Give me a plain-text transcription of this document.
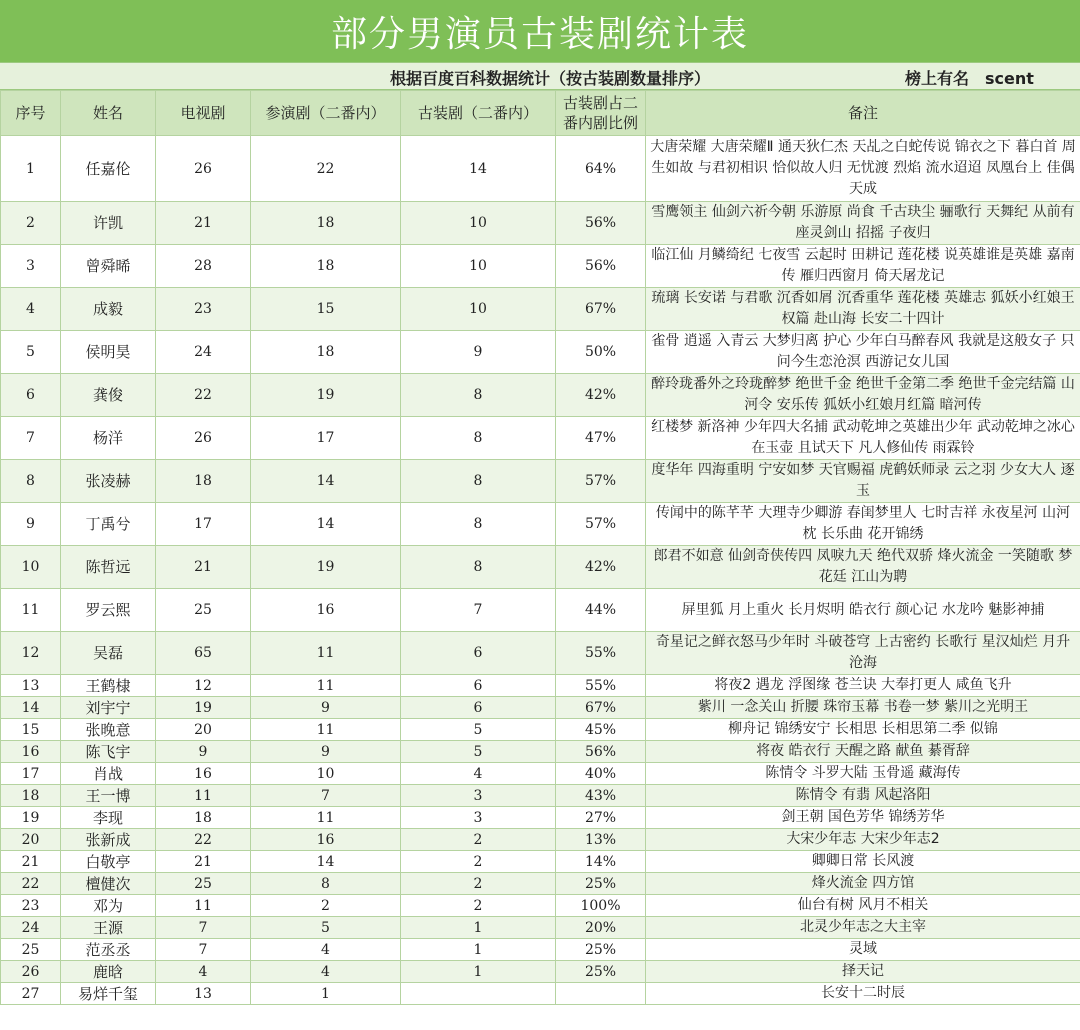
部分男演员古装剧统计表
根据百度百科数据统计（按古装剧数量排序）	榜上有名　scent
序号	姓名	电视剧	参演剧（二番内）	古装剧（二番内）	古装剧占二番内剧比例	备注
1	任嘉伦	26	22	14	64%	大唐荣耀 大唐荣耀Ⅱ 通天狄仁杰 天乩之白蛇传说 锦衣之下 暮白首 周生如故 与君初相识 恰似故人归 无忧渡 烈焰 流水迢迢 凤凰台上 佳偶天成
2	许凯	21	18	10	56%	雪鹰领主 仙剑六祈今朝 乐游原 尚食 千古玦尘 骊歌行 天舞纪 从前有座灵剑山 招摇 子夜归
3	曾舜晞	28	18	10	56%	临江仙 月鳞绮纪 七夜雪 云起时 田耕记 莲花楼 说英雄谁是英雄 嘉南传 雁归西窗月 倚天屠龙记
4	成毅	23	15	10	67%	琉璃 长安诺 与君歌 沉香如屑 沉香重华 莲花楼 英雄志 狐妖小红娘王权篇 赴山海 长安二十四计
5	侯明昊	24	18	9	50%	雀骨 逍遥 入青云 大梦归离 护心 少年白马醉春风 我就是这般女子 只问今生恋沧溟 西游记女儿国
6	龚俊	22	19	8	42%	醉玲珑番外之玲珑醉梦 绝世千金 绝世千金第二季 绝世千金完结篇 山河令 安乐传 狐妖小红娘月红篇 暗河传
7	杨洋	26	17	8	47%	红楼梦 新洛神 少年四大名捕 武动乾坤之英雄出少年 武动乾坤之冰心在玉壶 且试天下 凡人修仙传 雨霖铃
8	张凌赫	18	14	8	57%	度华年 四海重明 宁安如梦 天官赐福 虎鹤妖师录 云之羽 少女大人 逐玉
9	丁禹兮	17	14	8	57%	传闻中的陈芊芊 大理寺少卿游 春闺梦里人 七时吉祥 永夜星河 山河枕 长乐曲 花开锦绣
10	陈哲远	21	19	8	42%	郎君不如意 仙剑奇侠传四 凤唳九天 绝代双骄 烽火流金 一笑随歌 梦花廷 江山为聘
11	罗云熙	25	16	7	44%	屏里狐 月上重火 长月烬明 皓衣行 颜心记 水龙吟 魅影神捕
12	吴磊	65	11	6	55%	奇星记之鲜衣怒马少年时 斗破苍穹 上古密约 长歌行 星汉灿烂 月升沧海
13	王鹤棣	12	11	6	55%	将夜2 遇龙 浮图缘 苍兰诀 大奉打更人 咸鱼飞升
14	刘宇宁	19	9	6	67%	紫川 一念关山 折腰 珠帘玉幕 书卷一梦 紫川之光明王
15	张晚意	20	11	5	45%	柳舟记 锦绣安宁 长相思 长相思第二季 似锦
16	陈飞宇	9	9	5	56%	将夜 皓衣行 天醒之路 献鱼 綦胥辞
17	肖战	16	10	4	40%	陈情令 斗罗大陆 玉骨遥 藏海传
18	王一博	11	7	3	43%	陈情令 有翡 风起洛阳
19	李现	18	11	3	27%	剑王朝 国色芳华 锦绣芳华
20	张新成	22	16	2	13%	大宋少年志 大宋少年志2
21	白敬亭	21	14	2	14%	卿卿日常 长风渡
22	檀健次	25	8	2	25%	烽火流金 四方馆
23	邓为	11	2	2	100%	仙台有树 风月不相关
24	王源	7	5	1	20%	北灵少年志之大主宰
25	范丞丞	7	4	1	25%	灵域
26	鹿晗	4	4	1	25%	择天记
27	易烊千玺	13	1			长安十二时辰
